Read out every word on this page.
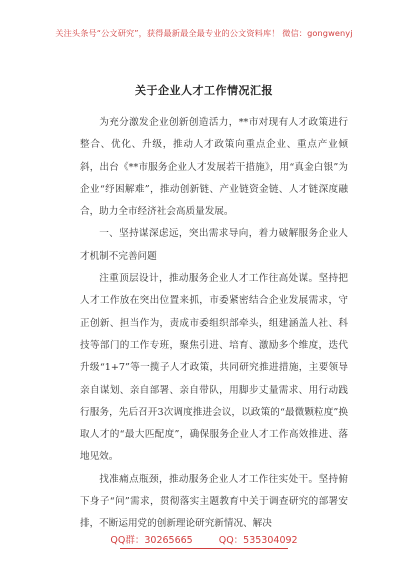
关注头条号“公文研究”，获得最新最全最专业的公文资料库！ 微信：gongwenyj
关于企业人才工作情况汇报

为充分激发企业创新创造活力，**市对现有人才政策进行整合、优化、升级，推动人才政策向重点企业、重点产业倾斜，出台《**市服务企业人才发展若干措施》，用“真金白银”为企业“纾困解难”，推动创新链、产业链资金链、人才链深度融合，助力全市经济社会高质量发展。

一、坚持谋深虑远，突出需求导向，着力破解服务企业人才机制不完善问题

注重顶层设计，推动服务企业人才工作往高处谋。坚持把人才工作放在突出位置来抓，市委紧密结合企业发展需求，守正创新、担当作为，责成市委组织部牵头，组建涵盖人社、科技等部门的工作专班，聚焦引进、培育、激励多个维度，迭代升级“1+7”等一揽子人才政策，共同研究推进措施，主要领导亲自谋划、亲自部署、亲自带队，用脚步丈量需求、用行动践行服务，先后召开3次调度推进会议，以政策的“最微颗粒度”换取人才的“最大匹配度”，确保服务企业人才工作高效推进、落地见效。

找准痛点瓶颈，推动服务企业人才工作往实处干。坚持俯下身子“问”需求，贯彻落实主题教育中关于调查研究的部署安排，不断运用党的创新理论研究新情况、解决

QQ群：30265665	QQ：535304092
